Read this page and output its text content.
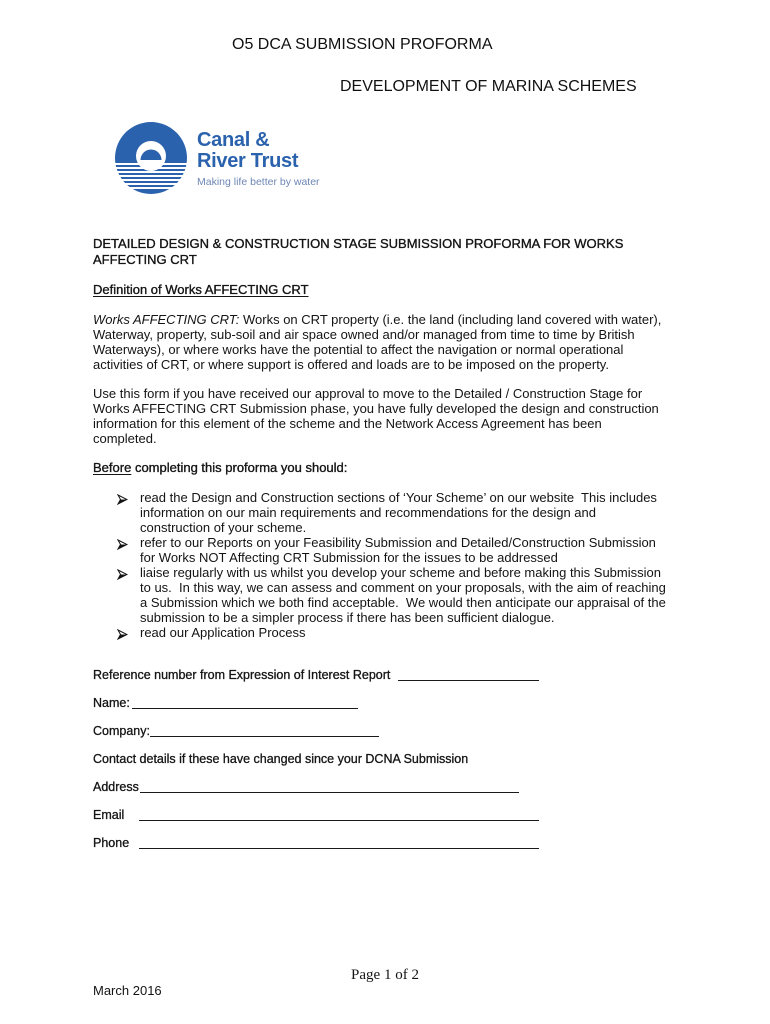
O5 DCA SUBMISSION PROFORMA
DEVELOPMENT OF MARINA SCHEMES
Canal &
River Trust
Making life better by water
DETAILED DESIGN & CONSTRUCTION STAGE SUBMISSION PROFORMA FOR WORKS
AFFECTING CRT
Definition of Works AFFECTING CRT
Works AFFECTING CRT: Works on CRT property (i.e. the land (including land covered with water),
Waterway, property, sub-soil and air space owned and/or managed from time to time by British
Waterways), or where works have the potential to affect the navigation or normal operational
activities of CRT, or where support is offered and loads are to be imposed on the property.
Use this form if you have received our approval to move to the Detailed / Construction Stage for
Works AFFECTING CRT Submission phase, you have fully developed the design and construction
information for this element of the scheme and the Network Access Agreement has been
completed.
Before completing this proforma you should:
read the Design and Construction sections of ‘Your Scheme’ on our website  This includes
information on our main requirements and recommendations for the design and
construction of your scheme.
refer to our Reports on your Feasibility Submission and Detailed/Construction Submission
for Works NOT Affecting CRT Submission for the issues to be addressed
liaise regularly with us whilst you develop your scheme and before making this Submission
to us.  In this way, we can assess and comment on your proposals, with the aim of reaching
a Submission which we both find acceptable.  We would then anticipate our appraisal of the
submission to be a simpler process if there has been sufficient dialogue.
read our Application Process
Reference number from Expression of Interest Report
Name:
Company:
Contact details if these have changed since your DCNA Submission
Address
Email
Phone
Page 1 of 2
March 2016
